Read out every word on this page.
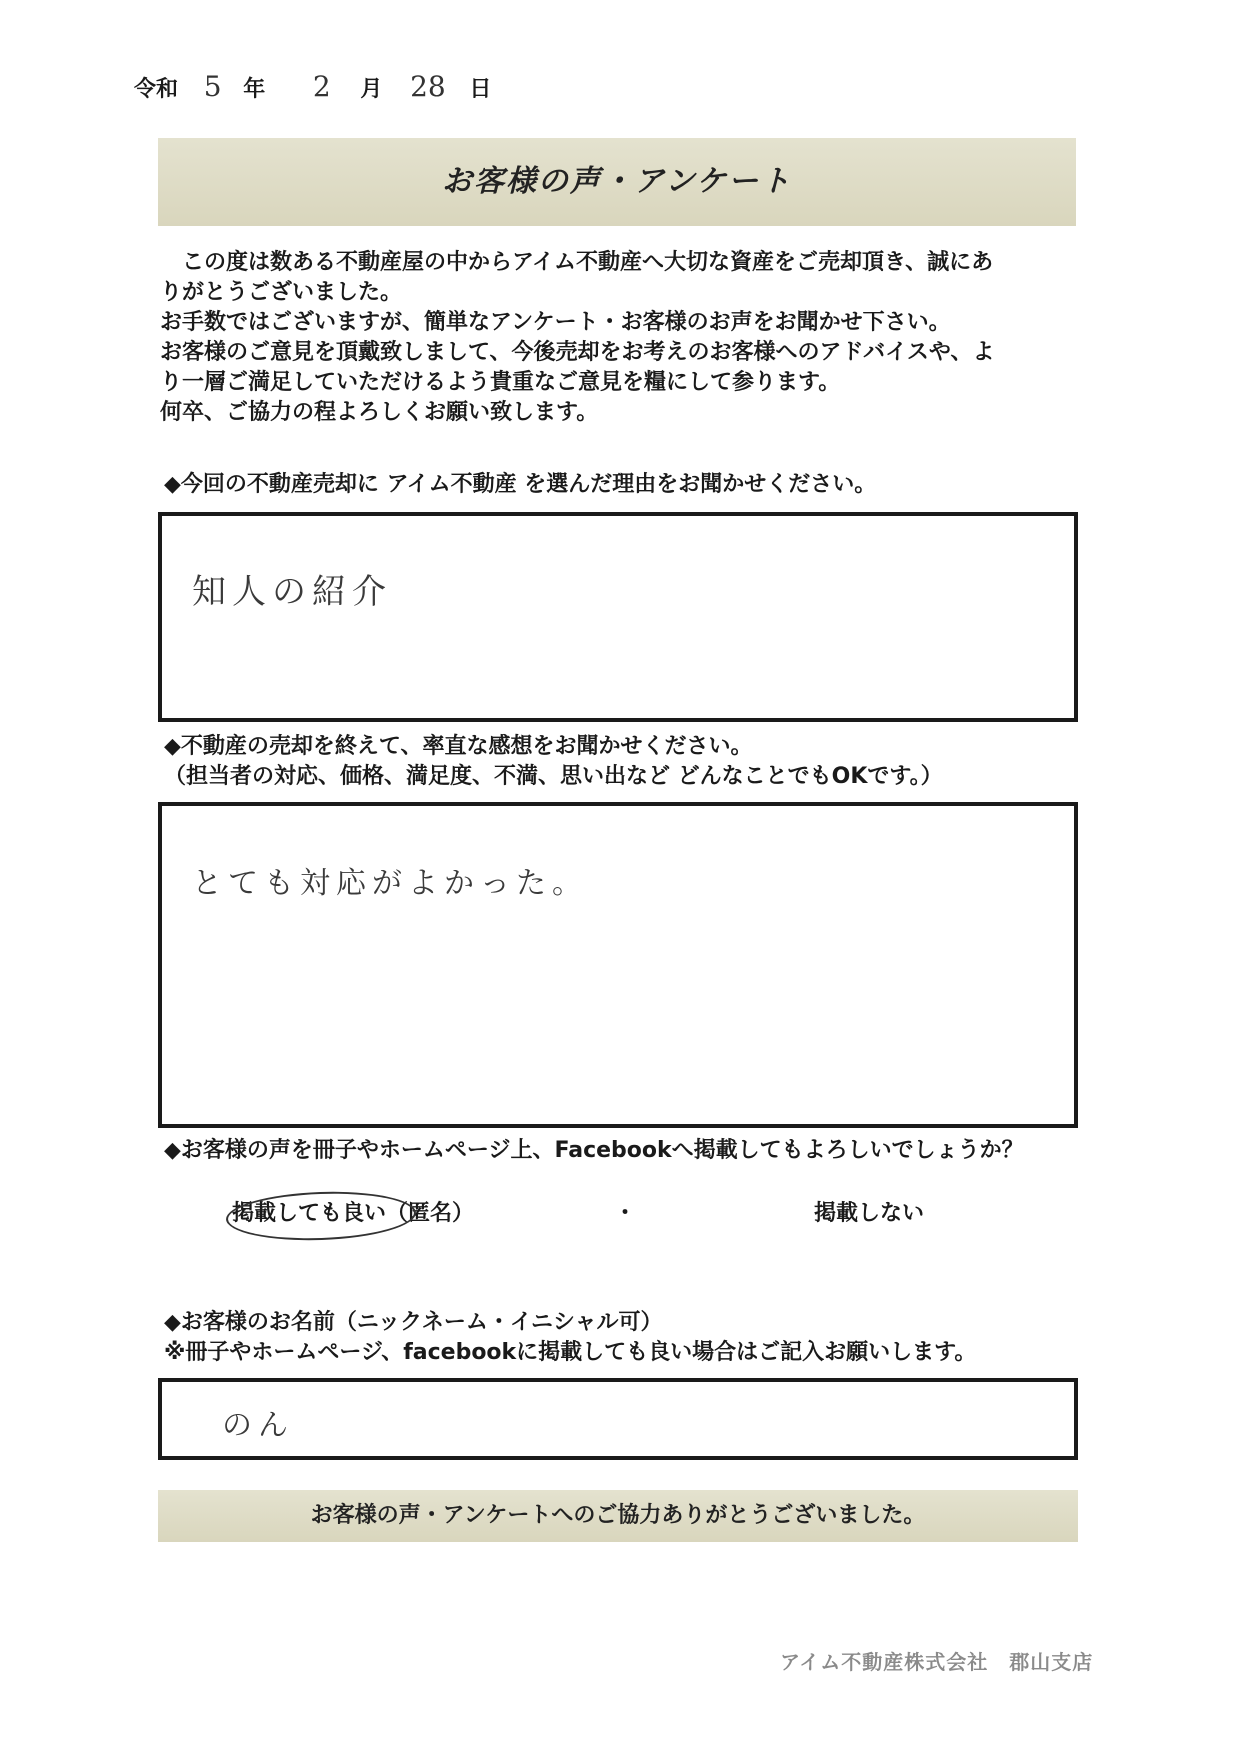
令和 5 年 2 月 28 日
お客様の声・アンケート

　この度は数ある不動産屋の中からアイム不動産へ大切な資産をご売却頂き、誠にあ

りがとうございました。

お手数ではございますが、簡単なアンケート・お客様のお声をお聞かせ下さい。

お客様のご意見を頂戴致しまして、今後売却をお考えのお客様へのアドバイスや、よ

り一層ご満足していただけるよう貴重なご意見を糧にして参ります。

何卒、ご協力の程よろしくお願い致します。

◆今回の不動産売却に アイム不動産 を選んだ理由をお聞かせください。
知人の紹介
◆不動産の売却を終えて、率直な感想をお聞かせください。
（担当者の対応、価格、満足度、不満、思い出など どんなことでもOKです。）
とても対応がよかった。
◆お客様の声を冊子やホームページ上、Facebookへ掲載してもよろしいでしょうか？
掲載しても良い（匿名）	・	掲載しない
◆お客様のお名前（ニックネーム・イニシャル可）
※冊子やホームページ、facebookに掲載しても良い場合はご記入お願いします。
のん
お客様の声・アンケートへのご協力ありがとうございました。
アイム不動産株式会社　郡山支店
